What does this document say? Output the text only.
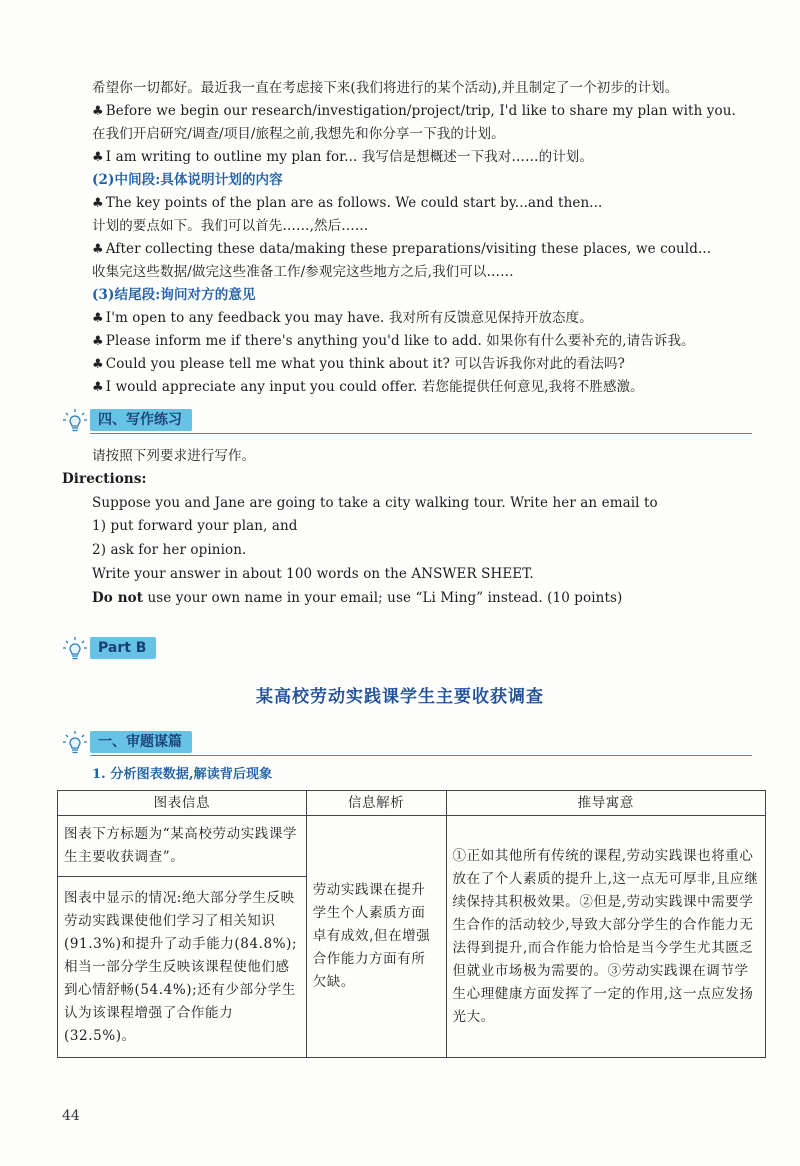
希望你一切都好。最近我一直在考虑接下来(我们将进行的某个活动),并且制定了一个初步的计划。
♣ Before we begin our research/investigation/project/trip, I'd like to share my plan with you.
在我们开启研究/调查/项目/旅程之前,我想先和你分享一下我的计划。
♣ I am writing to outline my plan for... 我写信是想概述一下我对……的计划。
(2)中间段:具体说明计划的内容
♣ The key points of the plan are as follows. We could start by...and then...
计划的要点如下。我们可以首先……,然后……
♣ After collecting these data/making these preparations/visiting these places, we could...
收集完这些数据/做完这些准备工作/参观完这些地方之后,我们可以……
(3)结尾段:询问对方的意见
♣ I'm open to any feedback you may have. 我对所有反馈意见保持开放态度。
♣ Please inform me if there's anything you'd like to add. 如果你有什么要补充的,请告诉我。
♣ Could you please tell me what you think about it? 可以告诉我你对此的看法吗?
♣ I would appreciate any input you could offer. 若您能提供任何意见,我将不胜感激。
四、写作练习
请按照下列要求进行写作。
Directions:
Suppose you and Jane are going to take a city walking tour. Write her an email to
1) put forward your plan, and
2) ask for her opinion.
Write your answer in about 100 words on the ANSWER SHEET.
Do not use your own name in your email; use “Li Ming” instead. (10 points)
Part B
某高校劳动实践课学生主要收获调查
一、审题谋篇
1. 分析图表数据,解读背后现象
图表信息	信息解析	推导寓意
图表下方标题为“某高校劳动实践课学生主要收获调查”。	劳动实践课在提升学生个人素质方面卓有成效,但在增强合作能力方面有所欠缺。	①正如其他所有传统的课程,劳动实践课也将重心放在了个人素质的提升上,这一点无可厚非,且应继续保持其积极效果。②但是,劳动实践课中需要学生合作的活动较少,导致大部分学生的合作能力无法得到提升,而合作能力恰恰是当今学生尤其匮乏但就业市场极为需要的。③劳动实践课在调节学生心理健康方面发挥了一定的作用,这一点应发扬光大。
图表中显示的情况:绝大部分学生反映劳动实践课使他们学习了相关知识(91.3%)和提升了动手能力(84.8%);相当一部分学生反映该课程使他们感到心情舒畅(54.4%);还有少部分学生认为该课程增强了合作能力(32.5%)。		
44
